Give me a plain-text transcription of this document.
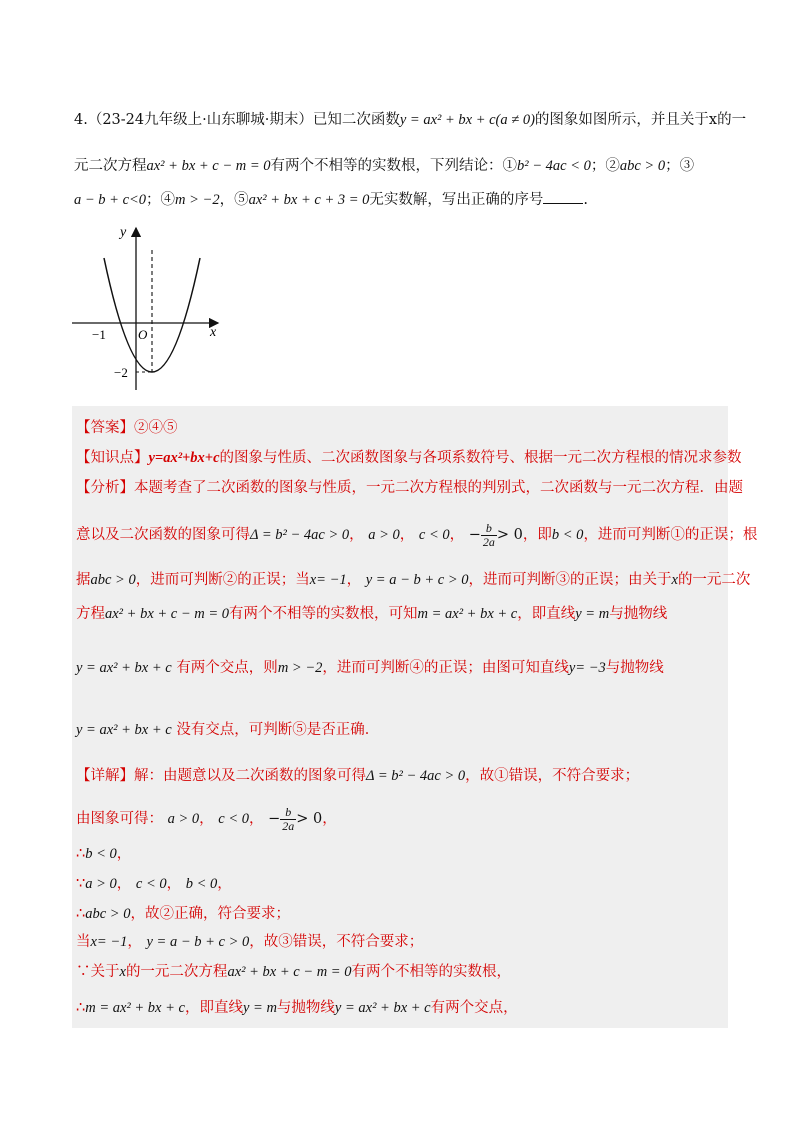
4.（23-24九年级上·山东聊城·期末）已知二次函数y = ax² + bx + c(a ≠ 0)的图象如图所示，并且关于x的一
元二次方程ax² + bx + c − m = 0有两个不相等的实数根，下列结论：①b² − 4ac < 0；②abc > 0；③
a − b + c<0；④m > −2，⑤ax² + bx + c + 3 = 0无实数解，写出正确的序号	.
y
x
O
−1
−2
【答案】②④⑤
【知识点】y=ax²+bx+c的图象与性质、二次函数图象与各项系数符号、根据一元二次方程根的情况求参数
【分析】本题考查了二次函数的图象与性质，一元二次方程根的判别式，二次函数与一元二次方程．由题
意以及二次函数的图象可得Δ = b² − 4ac > 0， a > 0， c < 0， − $\frac{b}{2a} > 0$，即b < 0，进而可判断①的正误；根
据abc > 0，进而可判断②的正误；当x= −1， y = a − b + c > 0，进而可判断③的正误；由关于x的一元二次
方程ax² + bx + c − m = 0有两个不相等的实数根，可知m = ax² + bx + c，即直线y = m与抛物线
y = ax² + bx + c 有两个交点，则m > −2，进而可判断④的正误；由图可知直线y= −3与抛物线
y = ax² + bx + c 没有交点，可判断⑤是否正确．
【详解】解：由题意以及二次函数的图象可得Δ = b² − 4ac > 0，故①错误，不符合要求；
由图象可得： a > 0， c < 0， − $\frac{b}{2a} > 0$，
∴b < 0，
∵a > 0， c < 0， b < 0，
∴abc > 0，故②正确，符合要求；
当x= −1， y = a − b + c > 0，故③错误，不符合要求；
∵关于x的一元二次方程ax² + bx + c − m = 0有两个不相等的实数根，
∴m = ax² + bx + c，即直线y = m与抛物线y = ax² + bx + c有两个交点，
